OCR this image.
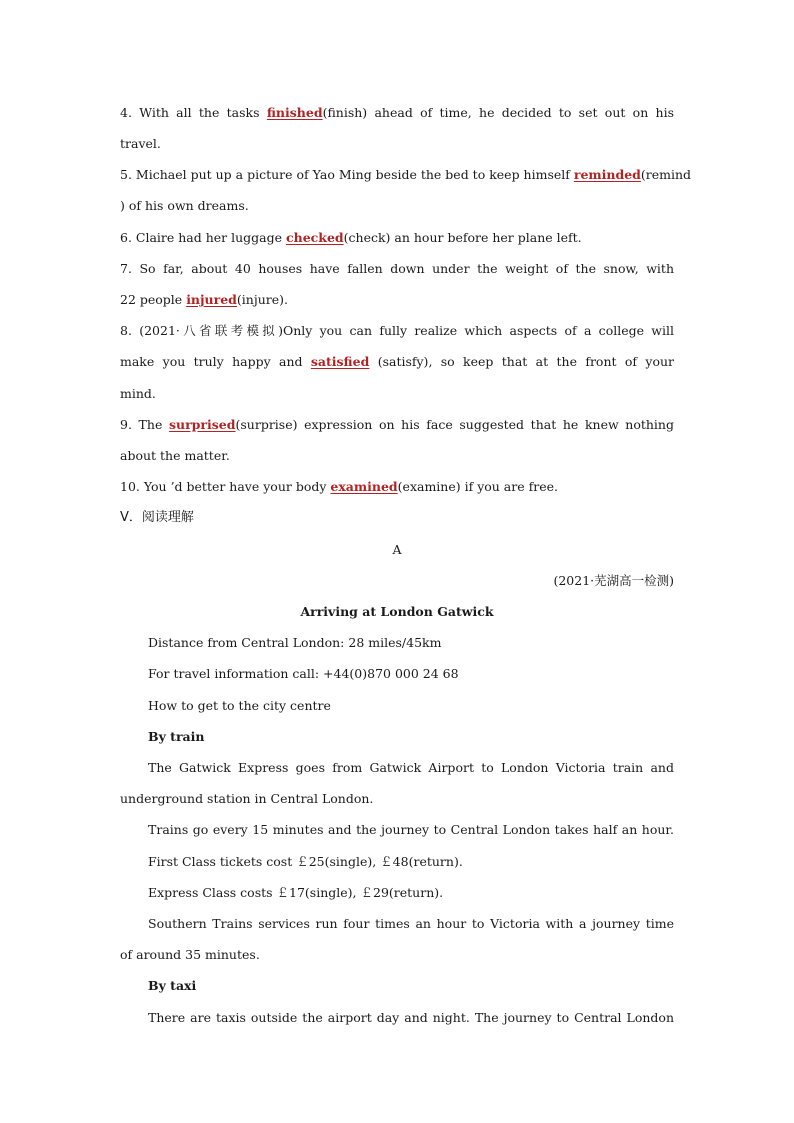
4. With all the tasks finished(finish) ahead of time, he decided to set out on his
travel.
5. Michael put up a picture of Yao Ming beside the bed to keep himself reminded(remind
) of his own dreams.
6. Claire had her luggage checked(check) an hour before her plane left.
7. So far, about 40 houses have fallen down under the weight of the snow, with
22 people injured(injure).
8. (2021·八省联考模拟)Only you can fully realize which aspects of a college will
make you truly happy and satisfied (satisfy), so keep that at the front of your
mind.
9. The surprised(surprise) expression on his face suggested that he knew nothing
about the matter.
10. You ’d better have your body examined(examine) if you are free.
Ⅴ．阅读理解
A
(2021·芜湖高一检测)
Arriving at London Gatwick
Distance from Central London: 28 miles/45km
For travel information call: +44(0)870 000 24 68
How to get to the city centre
By train
The Gatwick Express goes from Gatwick Airport to London Victoria train and
underground station in Central London.
Trains go every 15 minutes and the journey to Central London takes half an hour.
First Class tickets cost ￡25(single), ￡48(return).
Express Class costs ￡17(single), ￡29(return).
Southern Trains services run four times an hour to Victoria with a journey time
of around 35 minutes.
By taxi
There are taxis outside the airport day and night. The journey to Central London
